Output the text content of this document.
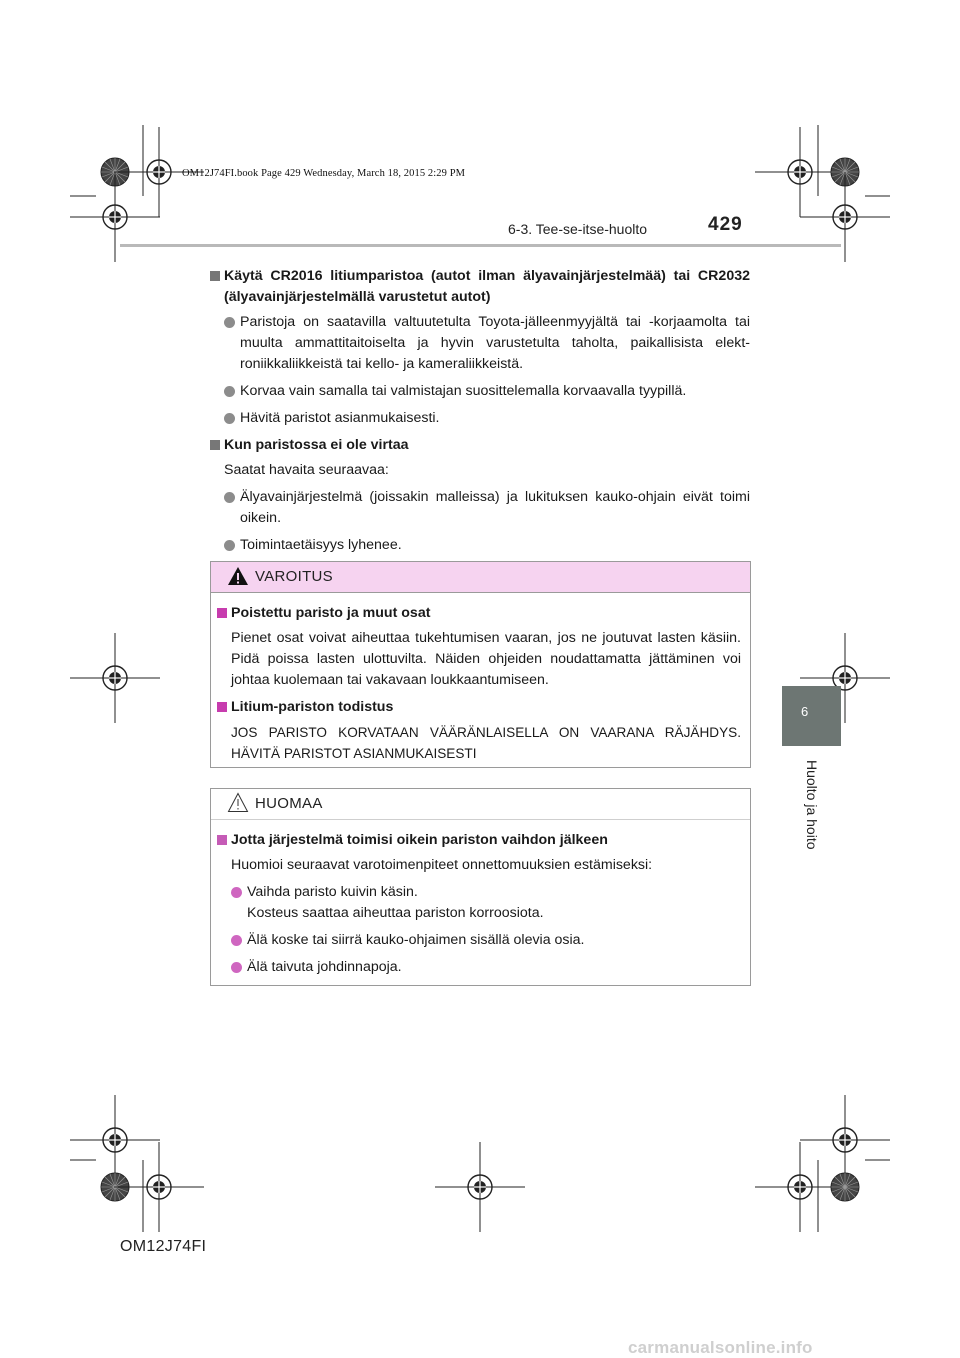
OM12J74FI.book Page 429 Wednesday, March 18, 2015 2:29 PM
6-3. Tee-se-itse-huolto	429
6
Huolto ja hoito
Käytä CR2016 litiumparistoa (autot ilman älyavainjärjestelmää) tai CR2032 (älyavainjärjestelmällä varustetut autot)
Paristoja on saatavilla valtuutetulta Toyota-jälleenmyyjältä tai -korjaamolta tai muulta ammattitaitoiselta ja hyvin varustetulta taholta, paikallisista elektroniikkaliikkeistä tai kello- ja kameraliikkeistä.
Korvaa vain samalla tai valmistajan suosittelemalla korvaavalla tyypillä.
Hävitä paristot asianmukaisesti.
Kun paristossa ei ole virtaa
Saatat havaita seuraavaa:
Älyavainjärjestelmä (joissakin malleissa) ja lukituksen kauko-ohjain eivät toimi oikein.
Toimintaetäisyys lyhenee.
VAROITUS
Poistettu paristo ja muut osat
Pienet osat voivat aiheuttaa tukehtumisen vaaran, jos ne joutuvat lasten käsiin. Pidä poissa lasten ulottuvilta. Näiden ohjeiden noudattamatta jättäminen voi johtaa kuolemaan tai vakavaan loukkaantumiseen.
Litium-pariston todistus
JOS PARISTO KORVATAAN VÄÄRÄNLAISELLA ON VAARANA RÄJÄHDYS. HÄVITÄ PARISTOT ASIANMUKAISESTI
HUOMAA
Jotta järjestelmä toimisi oikein pariston vaihdon jälkeen
Huomioi seuraavat varotoimenpiteet onnettomuuksien estämiseksi:
Vaihda paristo kuivin käsin.
Kosteus saattaa aiheuttaa pariston korroosiota.
Älä koske tai siirrä kauko-ohjaimen sisällä olevia osia.
Älä taivuta johdinnapoja.
OM12J74FI
carmanualsonline.info
